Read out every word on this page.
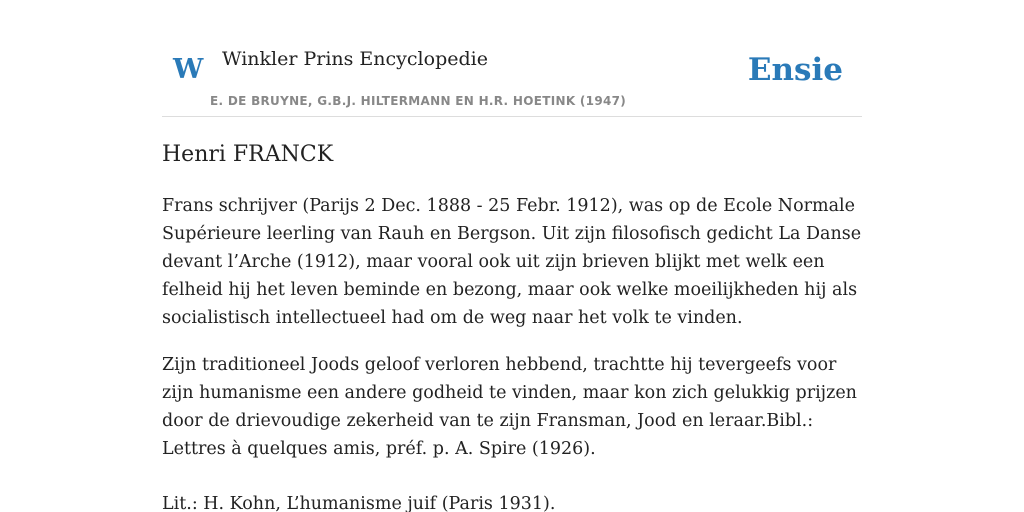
W Winkler Prins Encyclopedie
E. DE BRUYNE, G.B.J. HILTERMANN EN H.R. HOETINK (1947)
Ensie
Henri FRANCK

Frans schrijver (Parijs 2 Dec. 1888 - 25 Febr. 1912), was op de Ecole Normale Supérieure leerling van Rauh en Bergson. Uit zijn filosofisch gedicht La Danse devant l’Arche (1912), maar vooral ook uit zijn brieven blijkt met welk een felheid hij het leven beminde en bezong, maar ook welke moeilijkheden hij als socialistisch intellectueel had om de weg naar het volk te vinden.

Zijn traditioneel Joods geloof verloren hebbend, trachtte hij tevergeefs voor zijn humanisme een andere godheid te vinden, maar kon zich gelukkig prijzen door de drievoudige zekerheid van te zijn Fransman, Jood en leraar.Bibl.: Lettres à quelques amis, préf. p. A. Spire (1926).

Lit.: H. Kohn, L’humanisme juif (Paris 1931).
